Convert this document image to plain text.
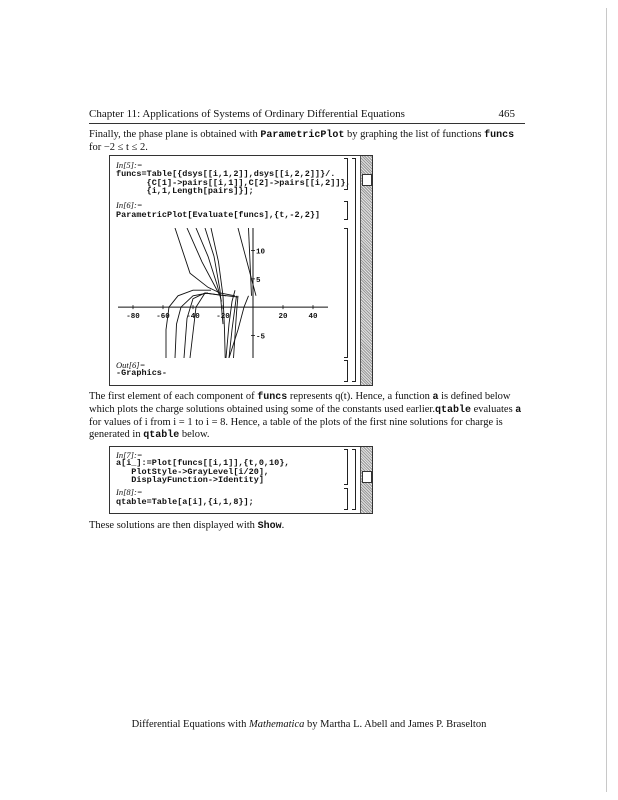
Chapter 11: Applications of Systems of Ordinary Differential Equations	465
Finally, the phase plane is obtained with ParametricPlot by graphing the list of functions funcs
for −2 ≤ t ≤ 2.
In[5]:=
funcs=Table[{dsys[[i,1,2]],dsys[[i,2,2]]}/.
{C[1]->pairs[[i,1]],C[2]->pairs[[i,2]]},
{i,1,Length[pairs]}];
In[6]:=
ParametricPlot[Evaluate[funcs],{t,-2,2}]
Out[6]=
-Graphics-
-80 -60 -40 -20	20	40
10
5
-5
The first element of each component of funcs represents q(t). Hence, a function a is defined below which plots the charge solutions obtained using some of the constants used earlier.qtable evaluates a for values of i from i = 1 to i = 8. Hence, a table of the plots of the first nine solutions for charge is generated in qtable below.
In[7]:=
a[i_]:=Plot[funcs[[i,1]],{t,0,10},
PlotStyle->GrayLevel[i/20],
DisplayFunction->Identity]
In[8]:=
qtable=Table[a[i],{i,1,8}];
These solutions are then displayed with Show.
Differential Equations with Mathematica by Martha L. Abell and James P. Braselton
